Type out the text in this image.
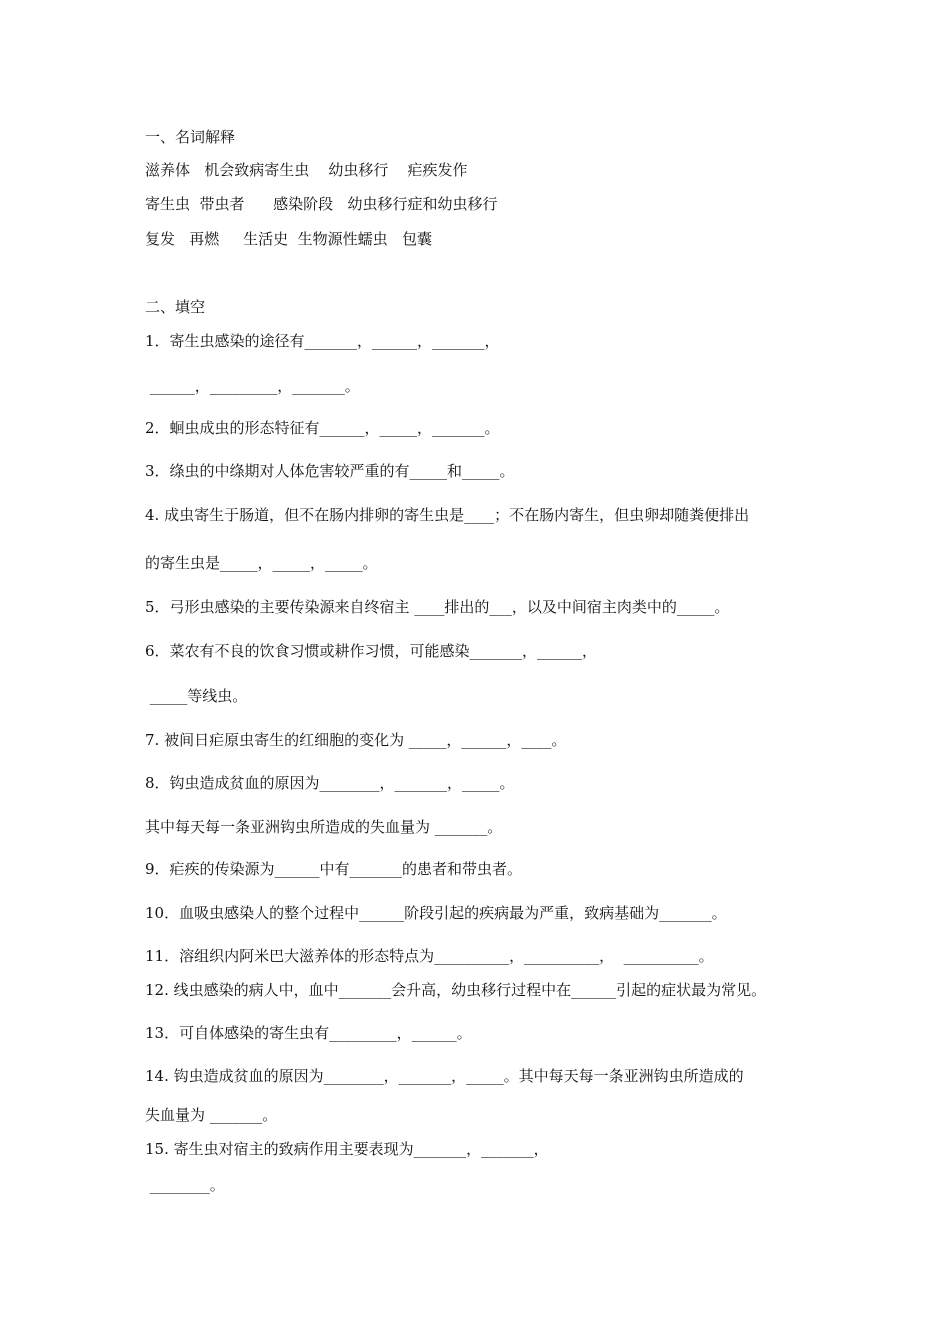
一、名词解释

滋养体   机会致病寄生虫    幼虫移行    疟疾发作

寄生虫  带虫者      感染阶段   幼虫移行症和幼虫移行

复发   再燃     生活史  生物源性蠕虫   包囊

二、填空

1．寄生虫感染的途径有_______，______，_______，

______，_________，_______。

2．蛔虫成虫的形态特征有______，_____，_______。

3．绦虫的中绦期对人体危害较严重的有_____和_____。

4. 成虫寄生于肠道，但不在肠内排卵的寄生虫是____；不在肠内寄生，但虫卵却随粪便排出

的寄生虫是_____，_____，_____。

5．弓形虫感染的主要传染源来自终宿主 ____排出的___，以及中间宿主肉类中的_____。

6．菜农有不良的饮食习惯或耕作习惯，可能感染_______，______，

_____等线虫。

7. 被间日疟原虫寄生的红细胞的变化为 _____，______，____。

8．钩虫造成贫血的原因为________，_______，_____。

其中每天每一条亚洲钩虫所造成的失血量为 _______。

9．疟疾的传染源为______中有_______的患者和带虫者。

10．血吸虫感染人的整个过程中______阶段引起的疾病最为严重，致病基础为_______。

11．溶组织内阿米巴大滋养体的形态特点为__________，__________，  __________。

12. 线虫感染的病人中，血中_______会升高，幼虫移行过程中在______引起的症状最为常见。

13．可自体感染的寄生虫有_________，______。

14. 钩虫造成贫血的原因为________，_______，_____。其中每天每一条亚洲钩虫所造成的

失血量为 _______。

15. 寄生虫对宿主的致病作用主要表现为_______，_______，

________。
